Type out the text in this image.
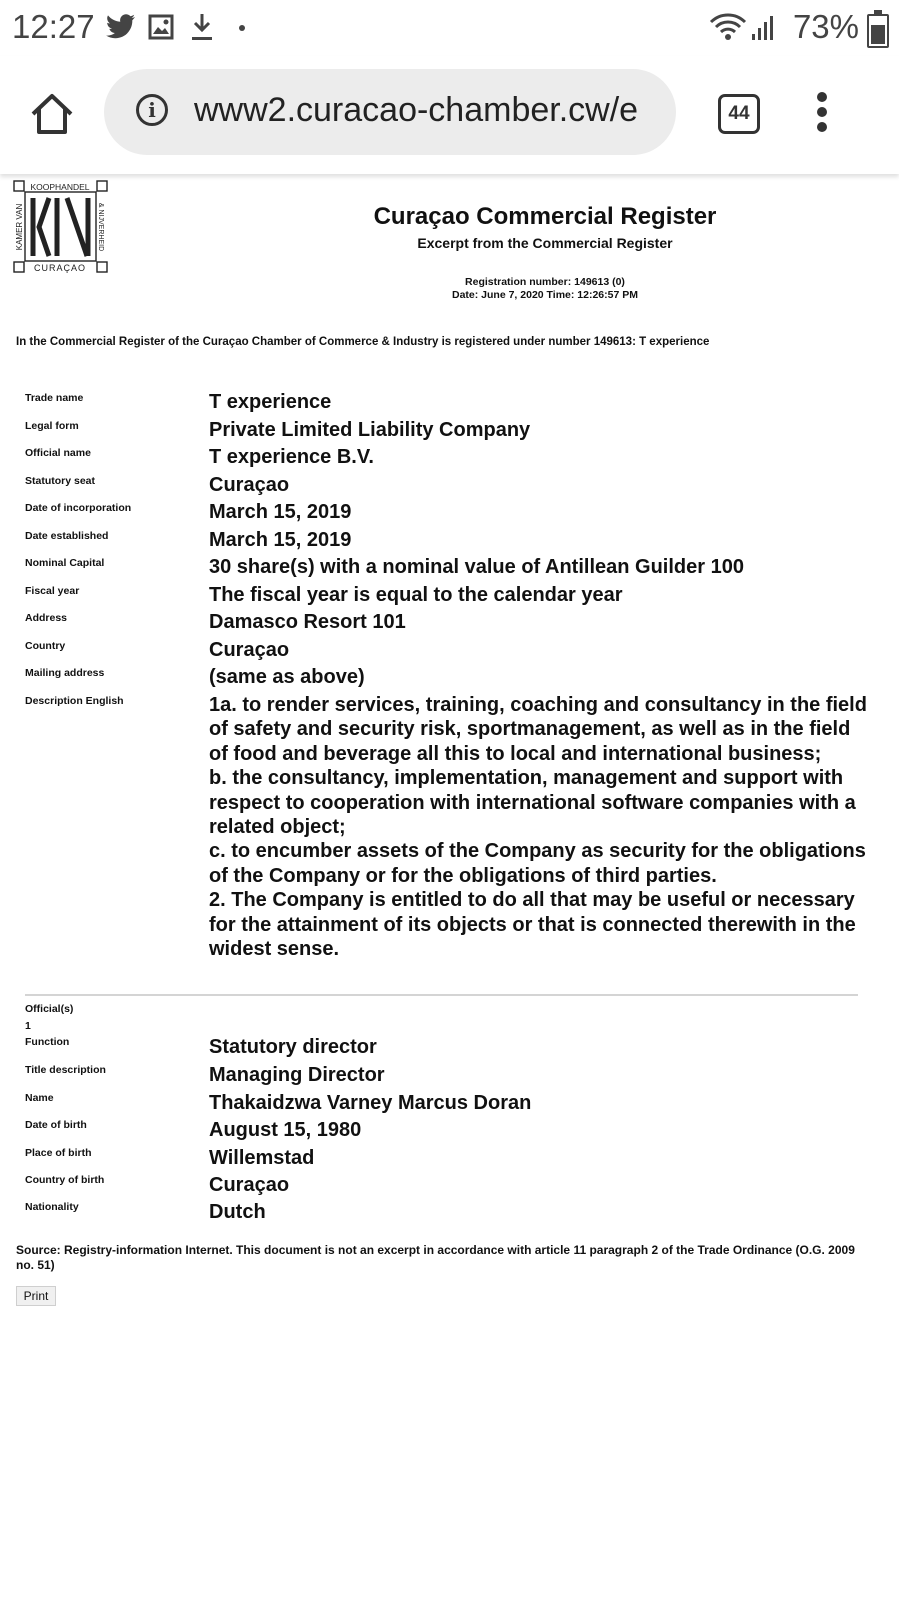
12:27	73%
i	www2.curacao-chamber.cw/e	44
KOOPHANDEL
CURAÇAO
KAMER VAN	& NIJVERHEID	Curaçao Commercial Register
Excerpt from the Commercial Register
Registration number: 149613 (0)
Date: June 7, 2020 Time: 12:26:57 PM
In the Commercial Register of the Curaçao Chamber of Commerce & Industry is registered under number 149613: T experience
Trade name	T experience
Legal form	Private Limited Liability Company
Official name	T experience B.V.
Statutory seat	Curaçao
Date of incorporation	March 15, 2019
Date established	March 15, 2019
Nominal Capital	30 share(s) with a nominal value of Antillean Guilder 100
Fiscal year	The fiscal year is equal to the calendar year
Address	Damasco Resort 101
Country	Curaçao
Mailing address	(same as above)
Description English	1a. to render services, training, coaching and consultancy in the field
of safety and security risk, sportmanagement, as well as in the field
of food and beverage all this to local and international business;
b. the consultancy, implementation, management and support with
respect to cooperation with international software companies with a
related object;
c. to encumber assets of the Company as security for the obligations
of the Company or for the obligations of third parties.
2. The Company is entitled to do all that may be useful or necessary
for the attainment of its objects or that is connected therewith in the
widest sense.
Official(s)
1
Function	Statutory director
Title description	Managing Director
Name	Thakaidzwa Varney Marcus Doran
Date of birth	August 15, 1980
Place of birth	Willemstad
Country of birth	Curaçao
Nationality	Dutch
Source: Registry-information Internet. This document is not an excerpt in accordance with article 11 paragraph 2 of the Trade Ordinance (O.G. 2009 no. 51)
Print
